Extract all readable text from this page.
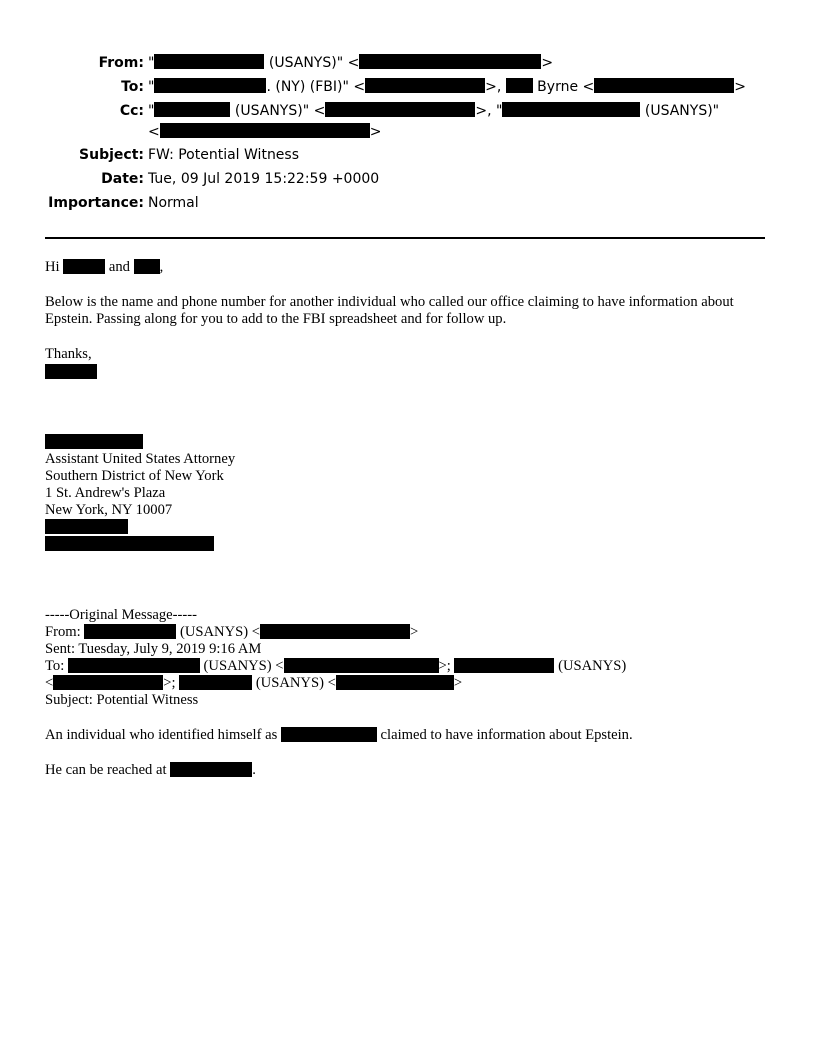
From: "	(USANYS)" <	>
To: "	. (NY) (FBI)" <	>,  Byrne <	>
Cc: "	(USANYS)" <	>, "	(USANYS)"
<	>
Subject: FW: Potential Witness
Date: Tue, 09 Jul 2019 15:22:59 +0000
Importance: Normal
Hi	and ,
Below is the name and phone number for another individual who called our office claiming to have information about
Epstein. Passing along for you to add to the FBI spreadsheet and for follow up.
Thanks,
Assistant United States Attorney
Southern District of New York
1 St. Andrew's Plaza
New York, NY 10007
-----Original Message-----
From:	(USANYS) <	>
Sent: Tuesday, July 9, 2019 9:16 AM
To:	(USANYS) <	>;	(USANYS)
<	>;	(USANYS) <	>
Subject: Potential Witness
An individual who identified himself as	claimed to have information about Epstein.
He can be reached at	.
